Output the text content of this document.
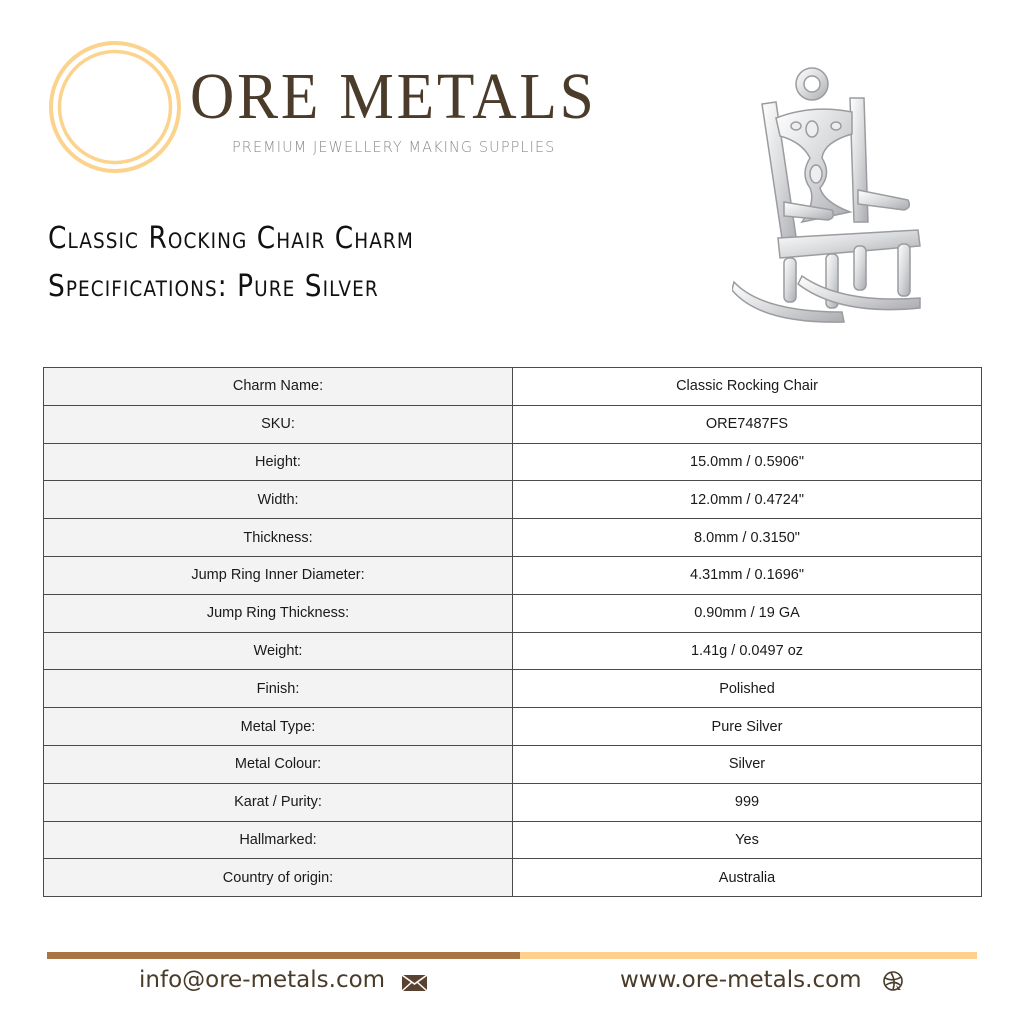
ORE METALS
PREMIUM JEWELLERY MAKING SUPPLIES
Classic Rocking Chair Charm
Specifications: Pure Silver
Charm Name:	Classic Rocking Chair
SKU:	ORE7487FS
Height:	15.0mm / 0.5906"
Width:	12.0mm / 0.4724"
Thickness:	8.0mm / 0.3150"
Jump Ring Inner Diameter:	4.31mm / 0.1696"
Jump Ring Thickness:	0.90mm / 19 GA
Weight:	1.41g / 0.0497 oz
Finish:	Polished
Metal Type:	Pure Silver
Metal Colour:	Silver
Karat / Purity:	999
Hallmarked:	Yes
Country of origin:	Australia
info@ore-metals.com	www.ore-metals.com
